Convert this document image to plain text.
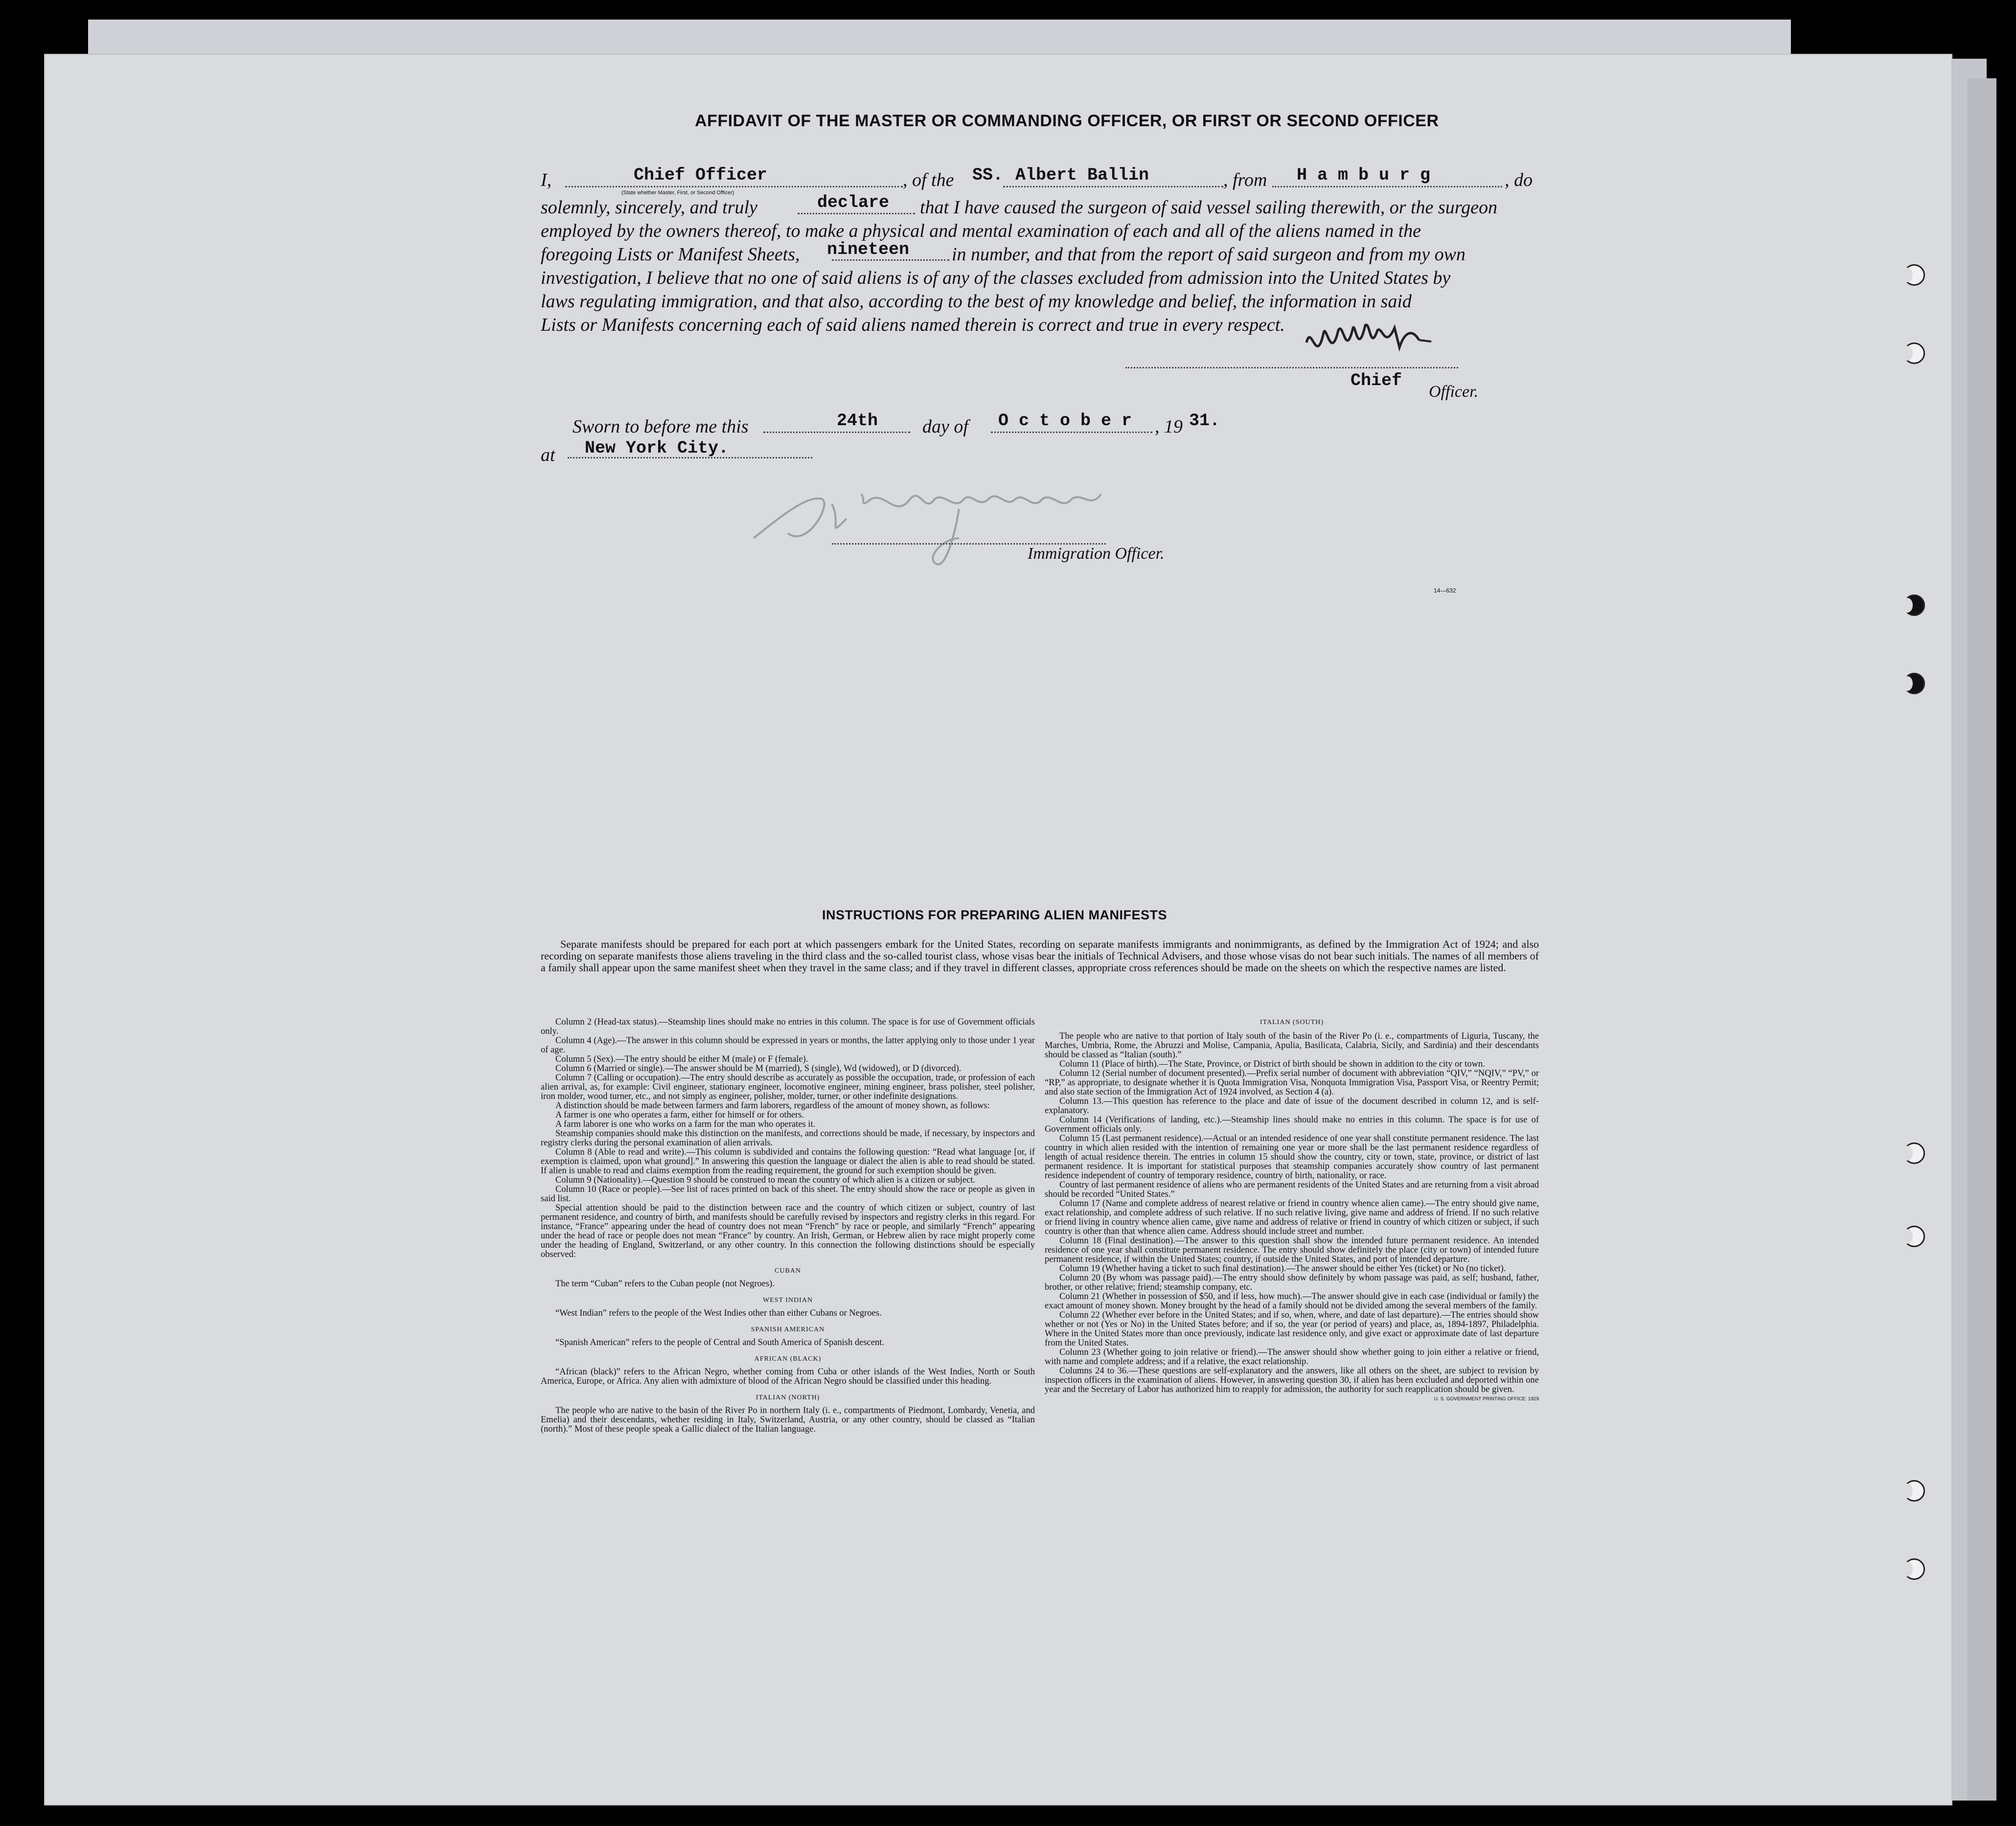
AFFIDAVIT OF THE MASTER OR COMMANDING OFFICER, OR FIRST OR SECOND OFFICER
I,	Chief Officer
(State whether Master, First, or Second Officer)
, of the SS. Albert Ballin	, from H a m b u r g	, do
solemnly, sincerely, and truly	declare that I have caused the surgeon of said vessel sailing therewith, or the surgeon
employed by the owners thereof, to make a physical and mental examination of each and all of the aliens named in the
foregoing Lists or Manifest Sheets, nineteen in number, and that from the report of said surgeon and from my own
investigation, I believe that no one of said aliens is of any of the classes excluded from admission into the United States by
laws regulating immigration, and that also, according to the best of my knowledge and belief, the information in said
Lists or Manifests concerning each of said aliens named therein is correct and true in every respect.
Chief
Officer.
Sworn to before me this	24th day of O c t o b e r , 19 31.
at New York City.
Immigration Officer.
14—632
INSTRUCTIONS FOR PREPARING ALIEN MANIFESTS
Separate manifests should be prepared for each port at which passengers embark for the United States, recording on separate manifests immigrants and nonimmigrants, as defined by the Immigration Act of 1924; and also recording on separate manifests those aliens traveling in the third class and the so-called tourist class, whose visas bear the initials of Technical Advisers, and those whose visas do not bear such initials. The names of all members of a family shall appear upon the same manifest sheet when they travel in the same class; and if they travel in different classes, appropriate cross references should be made on the sheets on which the respective names are listed.
Column 2 (Head-tax status).—Steamship lines should make no entries in this column. The space is for use of Government officials only.
Column 4 (Age).—The answer in this column should be expressed in years or months, the latter applying only to those under 1 year of age.
Column 5 (Sex).—The entry should be either M (male) or F (female).
Column 6 (Married or single).—The answer should be M (married), S (single), Wd (widowed), or D (divorced).
Column 7 (Calling or occupation).—The entry should describe as accurately as possible the occupation, trade, or profession of each alien arrival, as, for example: Civil engineer, stationary engineer, locomotive engineer, mining engineer, brass polisher, steel polisher, iron molder, wood turner, etc., and not simply as engineer, polisher, molder, turner, or other indefinite designations.
A distinction should be made between farmers and farm laborers, regardless of the amount of money shown, as follows:
A farmer is one who operates a farm, either for himself or for others.
A farm laborer is one who works on a farm for the man who operates it.
Steamship companies should make this distinction on the manifests, and corrections should be made, if necessary, by inspectors and registry clerks during the personal examination of alien arrivals.
Column 8 (Able to read and write).—This column is subdivided and contains the following question: “Read what language [or, if exemption is claimed, upon what ground].” In answering this question the language or dialect the alien is able to read should be stated. If alien is unable to read and claims exemption from the reading requirement, the ground for such exemption should be given.
Column 9 (Nationality).—Question 9 should be construed to mean the country of which alien is a citizen or subject.
Column 10 (Race or people).—See list of races printed on back of this sheet. The entry should show the race or people as given in said list.
Special attention should be paid to the distinction between race and the country of which citizen or subject, country of last permanent residence, and country of birth, and manifests should be carefully revised by inspectors and registry clerks in this regard. For instance, “France” appearing under the head of country does not mean “French” by race or people, and similarly “French” appearing under the head of race or people does not mean “France” by country. An Irish, German, or Hebrew alien by race might properly come under the heading of England, Switzerland, or any other country. In this connection the following distinctions should be especially observed:
CUBAN
The term “Cuban” refers to the Cuban people (not Negroes).
WEST INDIAN
“West Indian” refers to the people of the West Indies other than either Cubans or Negroes.
SPANISH AMERICAN
“Spanish American” refers to the people of Central and South America of Spanish descent.
AFRICAN (BLACK)
“African (black)” refers to the African Negro, whether coming from Cuba or other islands of the West Indies, North or South America, Europe, or Africa. Any alien with admixture of blood of the African Negro should be classified under this heading.
ITALIAN (NORTH)
The people who are native to the basin of the River Po in northern Italy (i. e., compartments of Piedmont, Lombardy, Venetia, and Emelia) and their descendants, whether residing in Italy, Switzerland, Austria, or any other country, should be classed as “Italian (north).” Most of these people speak a Gallic dialect of the Italian language.
ITALIAN (SOUTH)
The people who are native to that portion of Italy south of the basin of the River Po (i. e., compartments of Liguria, Tuscany, the Marches, Umbria, Rome, the Abruzzi and Molise, Campania, Apulia, Basilicata, Calabria, Sicily, and Sardinia) and their descendants should be classed as “Italian (south).”
Column 11 (Place of birth).—The State, Province, or District of birth should be shown in addition to the city or town.
Column 12 (Serial number of document presented).—Prefix serial number of document with abbreviation “QIV,” “NQIV,” “PV,” or “RP,” as appropriate, to designate whether it is Quota Immigration Visa, Nonquota Immigration Visa, Passport Visa, or Reentry Permit; and also state section of the Immigration Act of 1924 involved, as Section 4 (a).
Column 13.—This question has reference to the place and date of issue of the document described in column 12, and is self-explanatory.
Column 14 (Verifications of landing, etc.).—Steamship lines should make no entries in this column. The space is for use of Government officials only.
Column 15 (Last permanent residence).—Actual or an intended residence of one year shall constitute permanent residence. The last country in which alien resided with the intention of remaining one year or more shall be the last permanent residence regardless of length of actual residence therein. The entries in column 15 should show the country, city or town, state, province, or district of last permanent residence. It is important for statistical purposes that steamship companies accurately show country of last permanent residence independent of country of temporary residence, country of birth, nationality, or race.
Country of last permanent residence of aliens who are permanent residents of the United States and are returning from a visit abroad should be recorded “United States.”
Column 17 (Name and complete address of nearest relative or friend in country whence alien came).—The entry should give name, exact relationship, and complete address of such relative. If no such relative living, give name and address of friend. If no such relative or friend living in country whence alien came, give name and address of relative or friend in country of which citizen or subject, if such country is other than that whence alien came. Address should include street and number.
Column 18 (Final destination).—The answer to this question shall show the intended future permanent residence. An intended residence of one year shall constitute permanent residence. The entry should show definitely the place (city or town) of intended future permanent residence, if within the United States; country, if outside the United States, and port of intended departure.
Column 19 (Whether having a ticket to such final destination).—The answer should be either Yes (ticket) or No (no ticket).
Column 20 (By whom was passage paid).—The entry should show definitely by whom passage was paid, as self; husband, father, brother, or other relative; friend; steamship company, etc.
Column 21 (Whether in possession of $50, and if less, how much).—The answer should give in each case (individual or family) the exact amount of money shown. Money brought by the head of a family should not be divided among the several members of the family.
Column 22 (Whether ever before in the United States; and if so, when, where, and date of last departure).—The entries should show whether or not (Yes or No) in the United States before; and if so, the year (or period of years) and place, as, 1894-1897, Philadelphia. Where in the United States more than once previously, indicate last residence only, and give exact or approximate date of last departure from the United States.
Column 23 (Whether going to join relative or friend).—The answer should show whether going to join either a relative or friend, with name and complete address; and if a relative, the exact relationship.
Columns 24 to 36.—These questions are self-explanatory and the answers, like all others on the sheet, are subject to revision by inspection officers in the examination of aliens. However, in answering question 30, if alien has been excluded and deported within one year and the Secretary of Labor has authorized him to reapply for admission, the authority for such reapplication should be given.
U. S. GOVERNMENT PRINTING OFFICE: 1929
